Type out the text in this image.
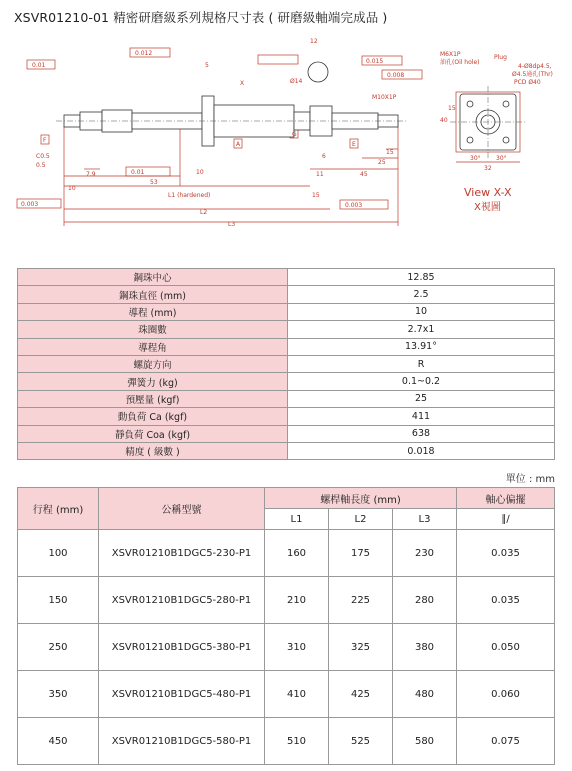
XSVR01210-01 精密研磨級系列規格尺寸表 ( 研磨級軸端完成品 )
0.01
0.012
0.015
0.008
0.003	0.003
0.01
F
A
G
E
X
5
Ø14
12
C0.5
0.5
7.9
10
53
10
L1 (hardened)	15
L2
L3
6
11	45
25
15
M10X1P
M6X1P
油孔(Oil hole)
Plug
4-Ø8dp4.5,
Ø4.5通孔(Thr)
PCD Ø40
40
15
32
30°	30°
View X-X
X視圖
鋼珠中心	12.85
鋼珠直徑 (mm)	2.5
導程 (mm)	10
珠圈數	2.7x1
導程角	13.91°
螺旋方向	R
彈簧力 (kg)	0.1~0.2
預壓量 (kgf)	25
動負荷 Ca (kgf)	411
靜負荷 Coa (kgf)	638
精度 ( 級數 )	0.018
單位 : mm
行程 (mm)	公稱型號	螺桿軸長度 (mm)			軸心偏擺
		L1	L2	L3	∥∕
100	XSVR01210B1DGC5-230-P1	160	175	230	0.035
150	XSVR01210B1DGC5-280-P1	210	225	280	0.035
250	XSVR01210B1DGC5-380-P1	310	325	380	0.050
350	XSVR01210B1DGC5-480-P1	410	425	480	0.060
450	XSVR01210B1DGC5-580-P1	510	525	580	0.075
